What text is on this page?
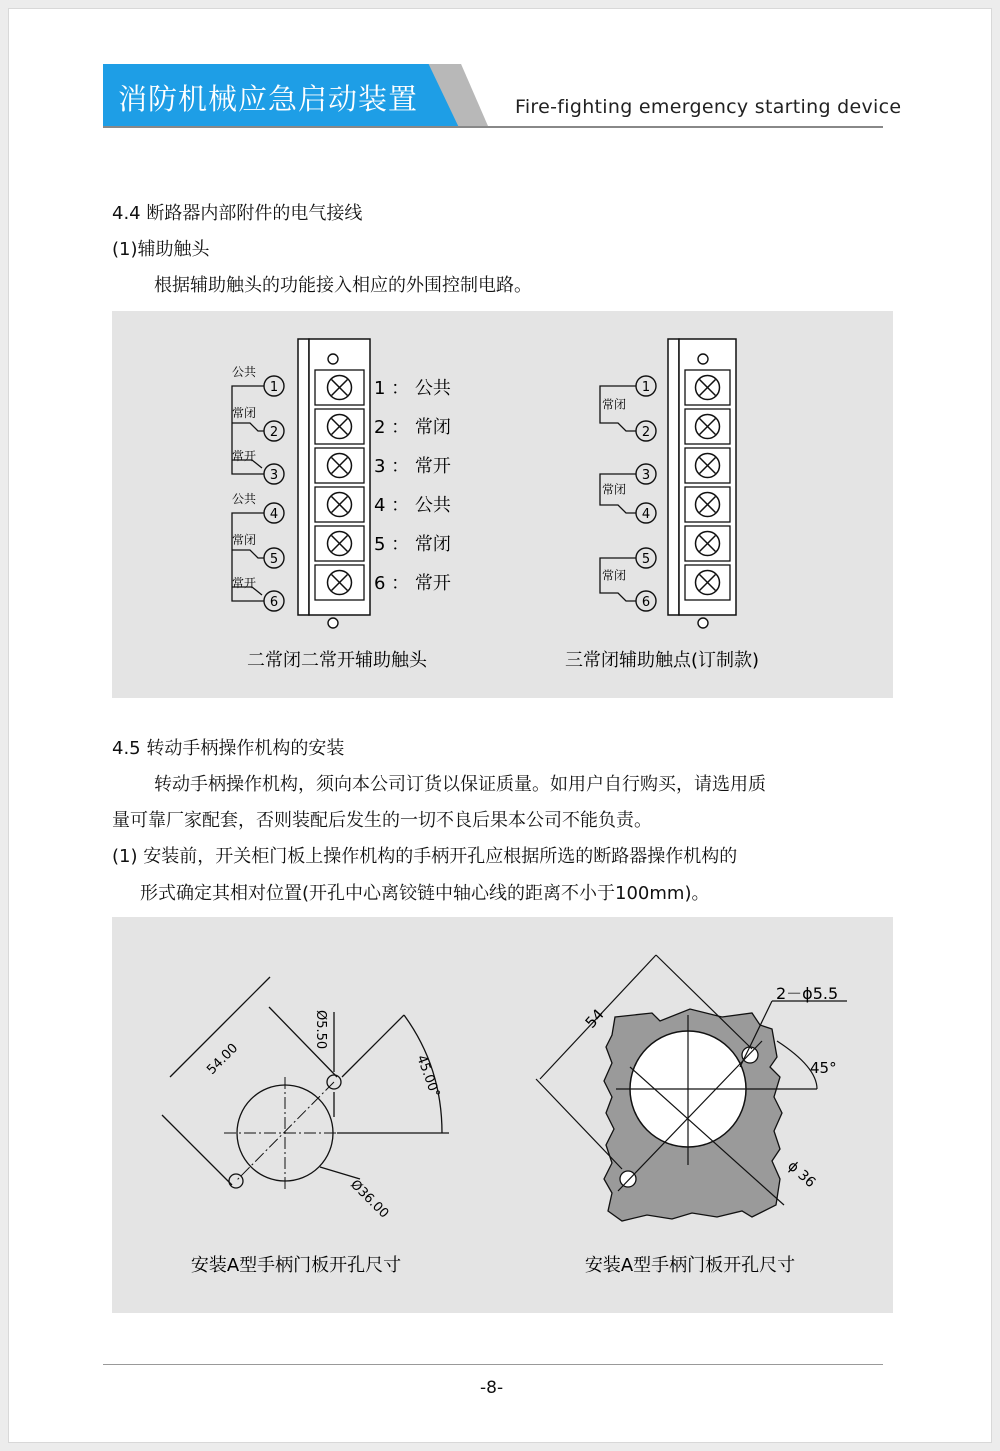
消防机械应急启动装置	Fire-fighting emergency starting device
4.4 断路器内部附件的电气接线
(1)辅助触头
根据辅助触头的功能接入相应的外围控制电路。
1
公共
2
常闭
3
常开
4
公共
5
常闭
6
常开
1 ： 公共
2 ： 常闭
3 ： 常开
4 ： 公共
5 ： 常闭
6 ： 常开
二常闭二常开辅助触头
1
2
3
4
5
6
常闭
常闭
常闭
三常闭辅助触点(订制款)
4.5 转动手柄操作机构的安装
转动手柄操作机构，须向本公司订货以保证质量。如用户自行购买，请选用质
量可靠厂家配套，否则装配后发生的一切不良后果本公司不能负责。
(1) 安装前，开关柜门板上操作机构的手柄开孔应根据所选的断路器操作机构的
形式确定其相对位置(开孔中心离铰链中轴心线的距离不小于100mm)。
54.00
Ø5.50
45.00°
Ø36.00
安装A型手柄门板开孔尺寸
54
2－ϕ5.5
45°
ϕ 36
安装A型手柄门板开孔尺寸
-8-
